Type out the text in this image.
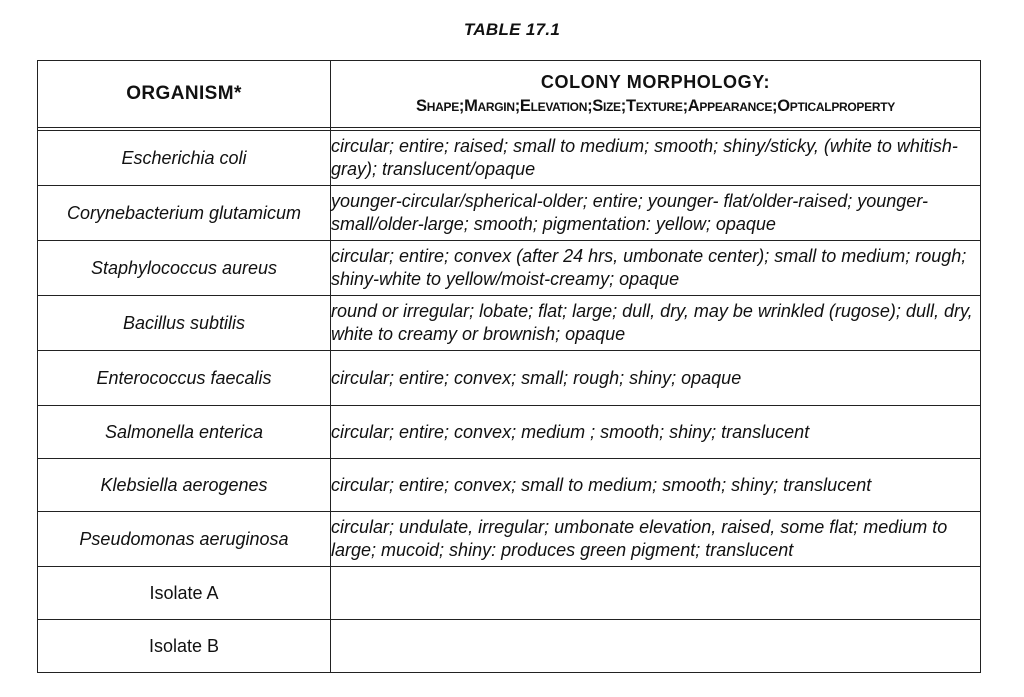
TABLE 17.1
ORGANISM*	COLONY MORPHOLOGY:
Shape;Margin;Elevation;Size;Texture;Appearance;Opticalproperty

Escherichia coli	circular; entire; raised; small to medium; smooth; shiny/sticky, (white to whitish-gray); translucent/opaque
Corynebacterium glutamicum	younger-circular/spherical-older; entire; younger- flat/older-raised; younger- small/older-large; smooth; pigmentation: yellow; opaque
Staphylococcus aureus	circular; entire; convex (after 24 hrs, umbonate center); small to medium; rough; shiny-white to yellow/moist-creamy; opaque
Bacillus subtilis	round or irregular; lobate; flat; large; dull, dry, may be wrinkled (rugose); dull, dry, white to creamy or brownish; opaque
Enterococcus faecalis	circular; entire; convex; small; rough; shiny; opaque
Salmonella enterica	circular; entire; convex; medium ; smooth; shiny; translucent
Klebsiella aerogenes	circular; entire; convex; small to medium; smooth; shiny; translucent
Pseudomonas aeruginosa	circular; undulate, irregular; umbonate elevation, raised, some flat; medium to large; mucoid; shiny: produces green pigment; translucent
Isolate A	
Isolate B	
